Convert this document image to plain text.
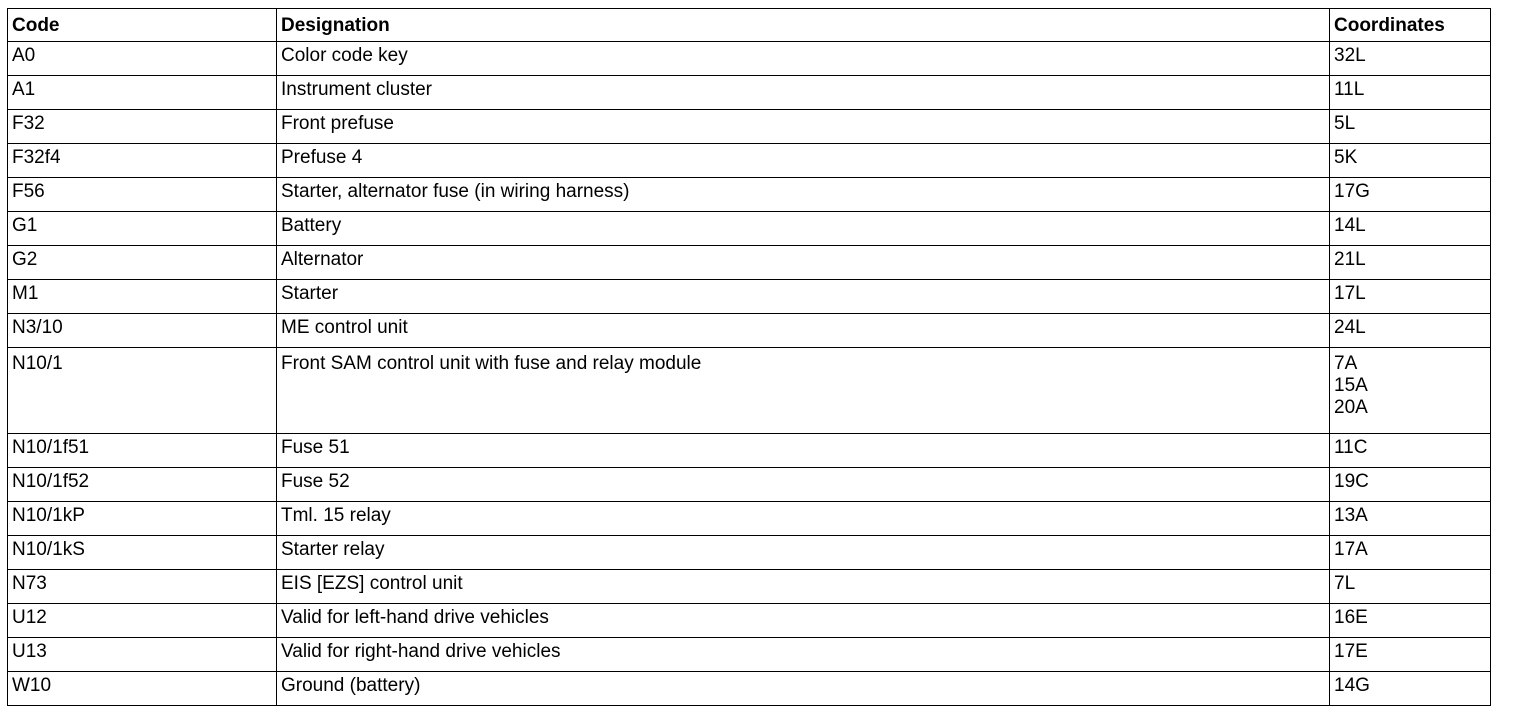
Code	Designation	Coordinates
A0	Color code key	32L

A1	Instrument cluster	11L

F32	Front prefuse	5L

F32f4	Prefuse 4	5K

F56	Starter, alternator fuse (in wiring harness)	17G

G1	Battery	14L

G2	Alternator	21L

M1	Starter	17L

N3/10	ME control unit	24L

N10/1	Front SAM control unit with fuse and relay module	7A
15A
20A

N10/1f51	Fuse 51	11C

N10/1f52	Fuse 52	19C

N10/1kP	Tml. 15 relay	13A

N10/1kS	Starter relay	17A

N73	EIS [EZS] control unit	7L

U12	Valid for left-hand drive vehicles	16E

U13	Valid for right-hand drive vehicles	17E

W10	Ground (battery)	14G
